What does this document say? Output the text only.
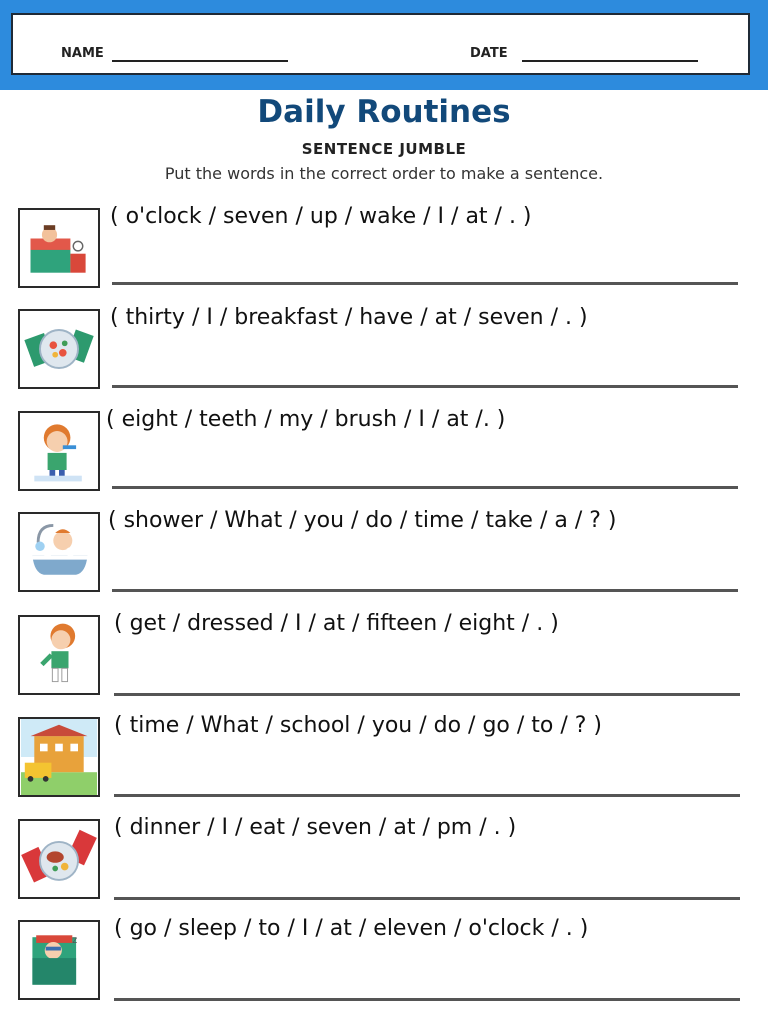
NAME	DATE
Daily Routines
SENTENCE JUMBLE
Put the words in the correct order to make a sentence.
( o'clock / seven / up / wake / I / at / . )
( thirty / I / breakfast / have / at / seven / . )
( eight / teeth / my / brush / I / at /. )
( shower / What / you / do / time / take / a / ? )
( get / dressed / I / at / fifteen / eight / . )
( time / What / school / you / do / go / to / ? )
( dinner / I / eat / seven / at / pm / . )
z ( go / sleep / to / I / at / eleven / o'clock / . )
